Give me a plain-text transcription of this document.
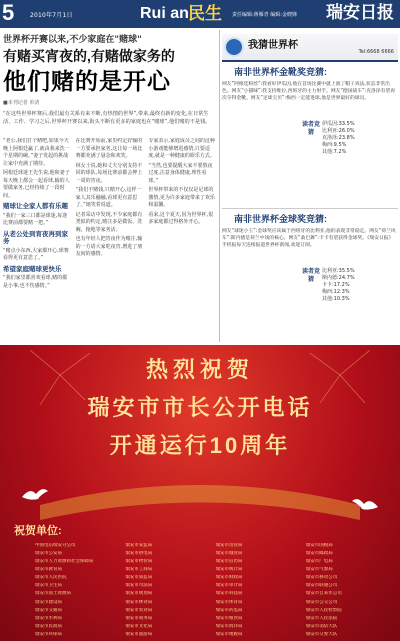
5	2010年7月1日	Rui an 民生 责任编辑:蒋雁青 编辑:金晓锋 瑞安日报
世界杯开赛以来,不少家庭在"赌球"
有赌买宵夜的,有赌做家务的
他们赌的是开心
■本刊记者 单清
“在这些世界杯赛后,我们最有关系有来不断,有热情的世界”,带来,最终有新的变化,在日常生活、工作、学习之后,世界杯开赛以来,街头不断有更多的家庭也在“赌球”,他们赌的不是钱。
“老公,我们打个赌吧,如果今天晚上阿根廷赢了,就由我来洗一个星期的碗。”妻子发起的挑战让家中充满了期待。
阿根廷球迷王先生说,他和妻子每天晚上都会一起看球,输的人要做家务,已经持续了一段时间。
赌球让全家人都有乐趣
“我们一家三口都是球迷,每逢比赛前都要赌一把。”
从老公处到宵夜再到家务
“赌点小东西,大家都开心,球赛看得更有意思了。”
希望家庭赌球更快乐
“我们家里都喜欢看球,赌的都是小事,也不伤感情。”
在比赛开始前,家里约定好输的一方要承担家务,这让每一场比赛都充满了悬念和欢笑。
林女士说,她和丈夫分别支持不同的球队,每场比赛前都会押上一周的宵夜。
“我们不赌钱,只赌开心,这样一家人其乐融融,看球更有意思了。”她笑着说道。
记者采访中发现,不少家庭都有类似的约定,赌注多是做饭、洗碗、拖地等家务活。
也有年轻人把宵夜作为赌注,输的一方请大家吃夜宵,增进了朋友间的感情。
专家表示,家庭成员之间的这种小游戏能够增进感情,只要适度,就是一种健康的娱乐方式。
“当然,也要提醒大家不要熬夜过度,注意身体健康,理性看球。”
世界杯带来的不仅仅是足球的激情,更为许多家庭带来了欢乐和温馨。
看来,这个夏天,因为世界杯,很多家庭都过得格外开心。
我猜世界杯
Tel:6668 6666
南非世界杯金靴奖竞猜:
网友“阿根廷粉丝”:我看好伊瓜因,他在首场比赛中就上演了帽子戏法,状态非常出色。网友“小猫咪”:我支持维拉,西班牙的主力射手。网友“德国战车”:克洛泽有望再次夺得金靴。网友“足球宝贝”:梅西一定能进球,他是世界最好的球员。
读者竞猜
伊瓜因:33.5%
比利亚:26.0%
克洛泽:23.8%
梅西:9.5%
其他:7.2%
南非世界杯金球奖竞猜:
网友“球迷小王”:金球奖应该属于西班牙的比利亚,他的表现非常稳定。网友“荷兰风车”:斯内德是荷兰中场的核心。网友“桑巴舞”:卡卡有望获得金球奖。《瑞安日报》手机报每天连续报道世界杯新闻,欢迎订阅。
读者竞猜
比利亚:35.5%
斯内德:24.7%
卡卡:17.2%
梅西:12.3%
其他:10.3%
热烈祝贺
瑞安市市长公开电话
开通运行10周年
祝贺单位:
中国电信瑞安分公司	瑞安市安监局	瑞安市房管局	瑞安市国税局
瑞安市公安局	瑞安市供电局	瑞安市城管局	瑞安市邮政局
瑞安市人力资源和社会保障局	瑞安市物价局	瑞安市信访局	瑞安市广电局
瑞安市教育局	瑞安市工商局	瑞安市统计局	瑞安市气象局
瑞安市人民医院	瑞安市质监局	瑞安市财政局	瑞安市移动公司
瑞安市卫生局	瑞安市司法局	瑞安市审计局	瑞安市联通公司
瑞安市国土资源局	瑞安市规划局	瑞安市科技局	瑞安市自来水公司
瑞安市建设局	瑞安市林业局	瑞安市体育局	瑞安市公交公司
瑞安市交通局	瑞安市农业局	瑞安市药监局	瑞安市人民检察院
瑞安市水利局	瑞安市商务局	瑞安市粮食局	瑞安市人民法院
瑞安市民政局	瑞安市文化局	瑞安市海洋局	瑞安市消防大队
瑞安市环保局	瑞安市旅游局	瑞安市地税局	瑞安市交警大队
